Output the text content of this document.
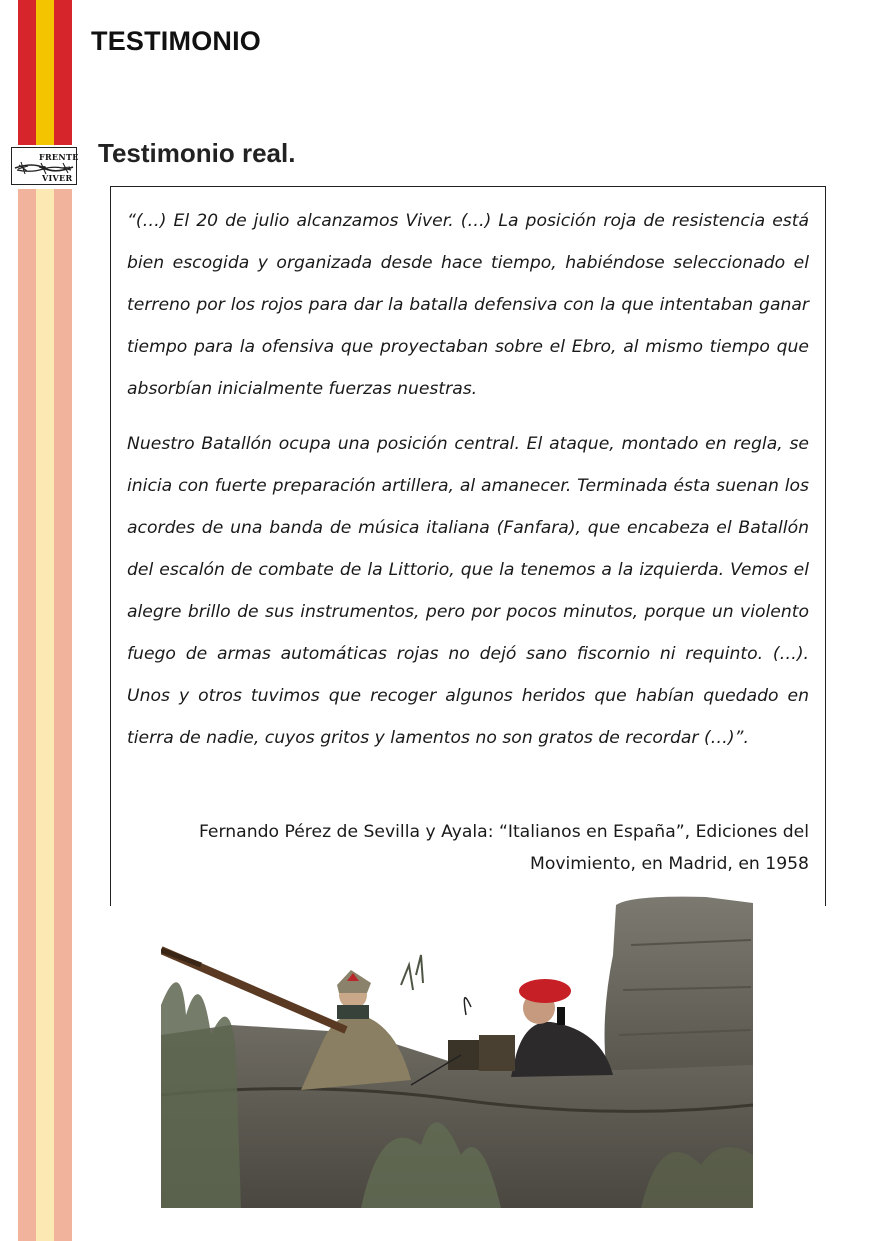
FRENTE
VIVER
TESTIMONIO
Testimonio real.

“(…) El 20 de julio alcanzamos Viver. (…) La posición roja de resistencia está bien escogida y organizada desde hace tiempo, habiéndose seleccionado el terreno por los rojos para dar la batalla defensiva con la que intentaban ganar tiempo para la ofensiva que proyectaban sobre el Ebro, al mismo tiempo que absorbían inicialmente fuerzas nuestras.

Nuestro Batallón ocupa una posición central. El ataque, montado en regla, se inicia con fuerte preparación artillera, al amanecer. Terminada ésta suenan los acordes de una banda de música italiana (Fanfara), que encabeza el Batallón del escalón de combate de la Littorio, que la tenemos a la izquierda. Vemos el alegre brillo de sus instrumentos, pero por pocos minutos, porque un violento fuego de armas automáticas rojas no dejó sano fiscornio ni requinto. (…). Unos y otros tuvimos que recoger algunos heridos que habían quedado en tierra de nadie, cuyos gritos y lamentos no son gratos de recordar (…)”.

Fernando Pérez de Sevilla y Ayala: “Italianos en España”, Ediciones del
Movimiento, en Madrid, en 1958
